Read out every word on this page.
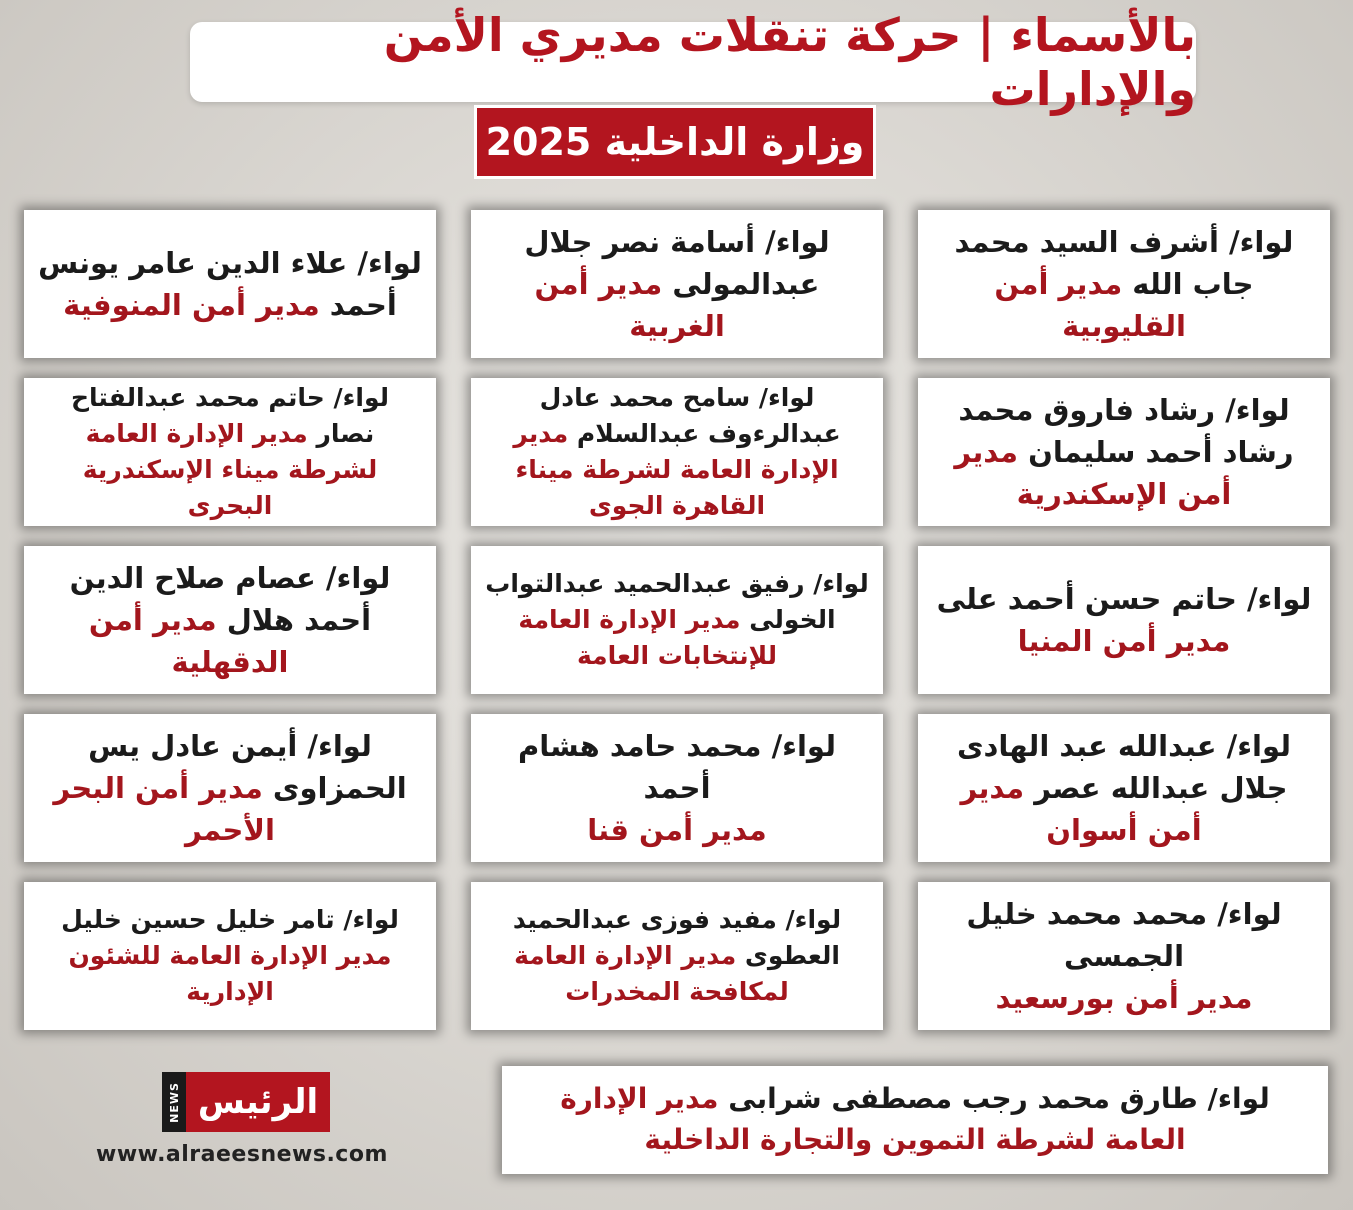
بالأسماء | حركة تنقلات مديري الأمن والإدارات
وزارة الداخلية 2025

لواء/ أشرف السيد محمد جاب الله مدير أمن القليوبية

لواء/ أسامة نصر جلال عبدالمولى مدير أمن الغربية

لواء/ علاء الدين عامر يونس أحمد مدير أمن المنوفية

لواء/ رشاد فاروق محمد رشاد أحمد سليمان مدير أمن الإسكندرية

لواء/ سامح محمد عادل عبدالرءوف عبدالسلام مدير الإدارة العامة لشرطة ميناء القاهرة الجوى

لواء/ حاتم محمد عبدالفتاح نصار مدير الإدارة العامة لشرطة ميناء الإسكندرية البحرى

لواء/ حاتم حسن أحمد على
مدير أمن المنيا

لواء/ رفيق عبدالحميد عبدالتواب الخولى مدير الإدارة العامة للإنتخابات العامة

لواء/ عصام صلاح الدين أحمد هلال مدير أمن الدقهلية

لواء/ عبدالله عبد الهادى جلال عبدالله عصر مدير أمن أسوان

لواء/ محمد حامد هشام أحمد
مدير أمن قنا

لواء/ أيمن عادل يس الحمزاوى مدير أمن البحر الأحمر

لواء/ محمد محمد خليل الجمسى
مدير أمن بورسعيد

لواء/ مفيد فوزى عبدالحميد العطوى مدير الإدارة العامة لمكافحة المخدرات

لواء/ تامر خليل حسين خليل مدير الإدارة العامة للشئون الإدارية

لواء/ طارق محمد رجب مصطفى شرابى مدير الإدارة العامة لشرطة التموين والتجارة الداخلية

NEWS الرئيس
www.alraeesnews.com
